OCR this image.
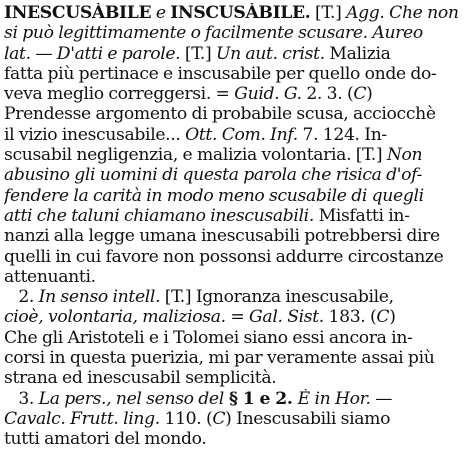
INESCUSÀBILE e INSCUSÀBILE. [T.] Agg. Che non
si può legittimamente o facilmente scusare. Aureo
lat. — D'atti e parole. [T.] Un aut. crist. Malizia
fatta più pertinace e inscusabile per quello onde do-
veva meglio correggersi. = Guid. G. 2. 3. (C)
Prendesse argomento di probabile scusa, acciocchè
il vizio inescusabile... Ott. Com. Inf. 7. 124. In-
scusabil negligenzia, e malizia volontaria. [T.] Non
abusino gli uomini di questa parola che risica d'of-
fendere la carità in modo meno scusabile di quegli
atti che taluni chiamano inescusabili. Misfatti in-
nanzi alla legge umana inescusabili potrebbersi dire
quelli in cui favore non possonsi addurre circostanze
attenuanti.
2. In senso intell. [T.] Ignoranza inescusabile,
cioè, volontaria, maliziosa. = Gal. Sist. 183. (C)
Che gli Aristoteli e i Tolomei siano essi ancora in-
corsi in questa puerizia, mi par veramente assai più
strana ed inescusabil semplicità.
3. La pers., nel senso del § 1 e 2. È in Hor. —
Cavalc. Frutt. ling. 110. (C) Inescusabili siamo
tutti amatori del mondo.
